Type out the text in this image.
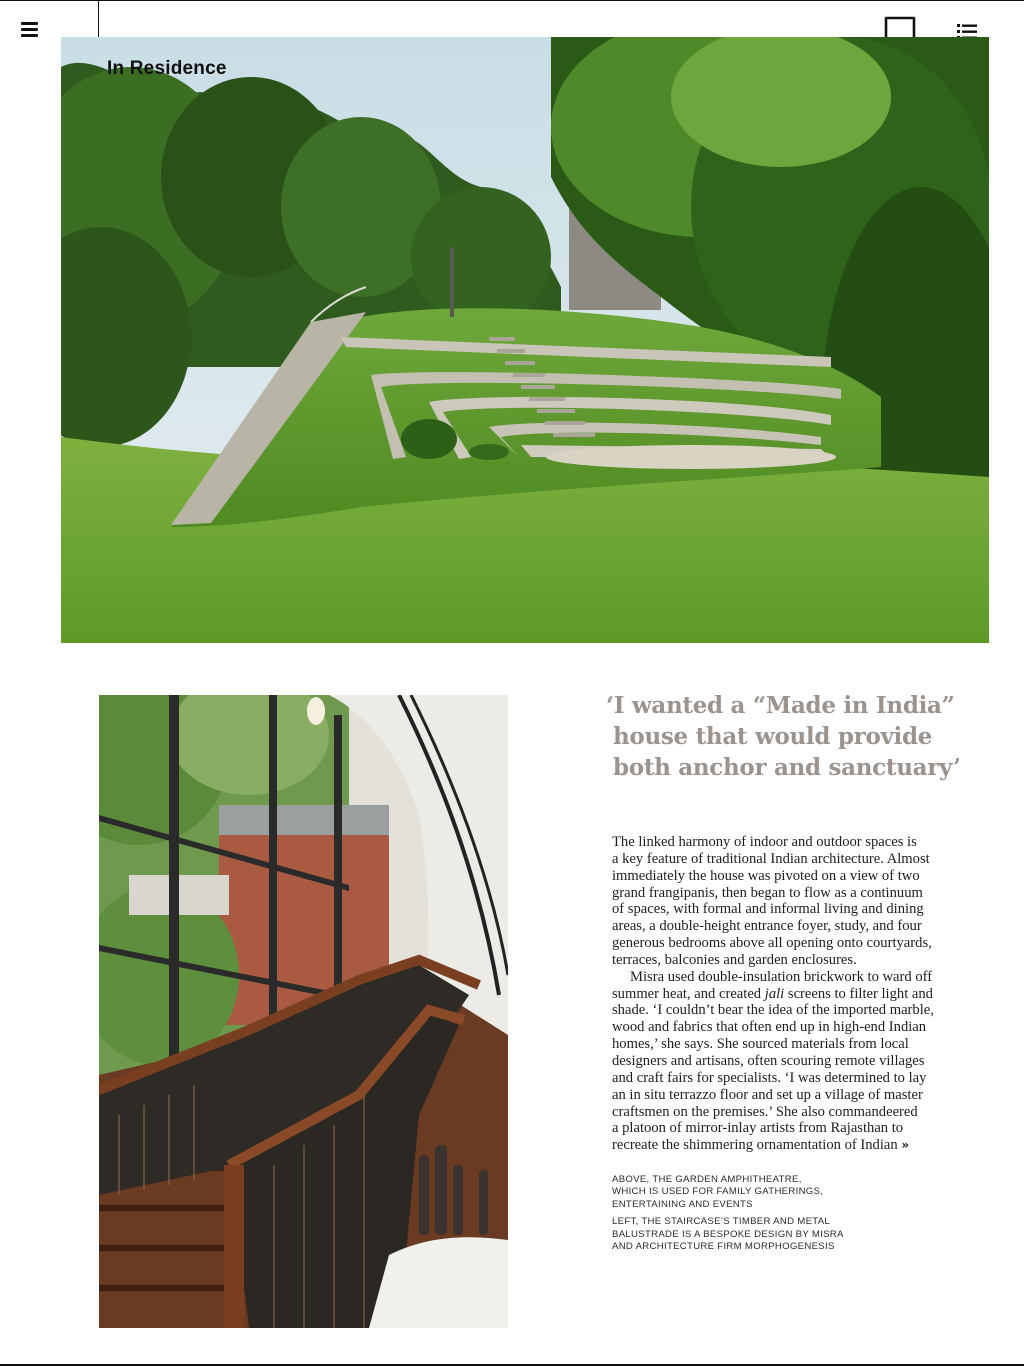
In Residence
‘I wanted a “Made in India”
house that would provide
both anchor and sanctuary’
The linked harmony of indoor and outdoor spaces is
a key feature of traditional Indian architecture. Almost
immediately the house was pivoted on a view of two
grand frangipanis, then began to flow as a continuum
of spaces, with formal and informal living and dining
areas, a double-height entrance foyer, study, and four
generous bedrooms above all opening onto courtyards,
terraces, balconies and garden enclosures.
Misra used double-insulation brickwork to ward off
summer heat, and created jali screens to filter light and
shade. ‘I couldn’t bear the idea of the imported marble,
wood and fabrics that often end up in high-end Indian
homes,’ she says. She sourced materials from local
designers and artisans, often scouring remote villages
and craft fairs for specialists. ‘I was determined to lay
an in situ terrazzo floor and set up a village of master
craftsmen on the premises.’ She also commandeered
a platoon of mirror-inlay artists from Rajasthan to
recreate the shimmering ornamentation of Indian »
ABOVE, THE GARDEN AMPHITHEATRE,
WHICH IS USED FOR FAMILY GATHERINGS,
ENTERTAINING AND EVENTS
LEFT, THE STAIRCASE’S TIMBER AND METAL
BALUSTRADE IS A BESPOKE DESIGN BY MISRA
AND ARCHITECTURE FIRM MORPHOGENESIS
